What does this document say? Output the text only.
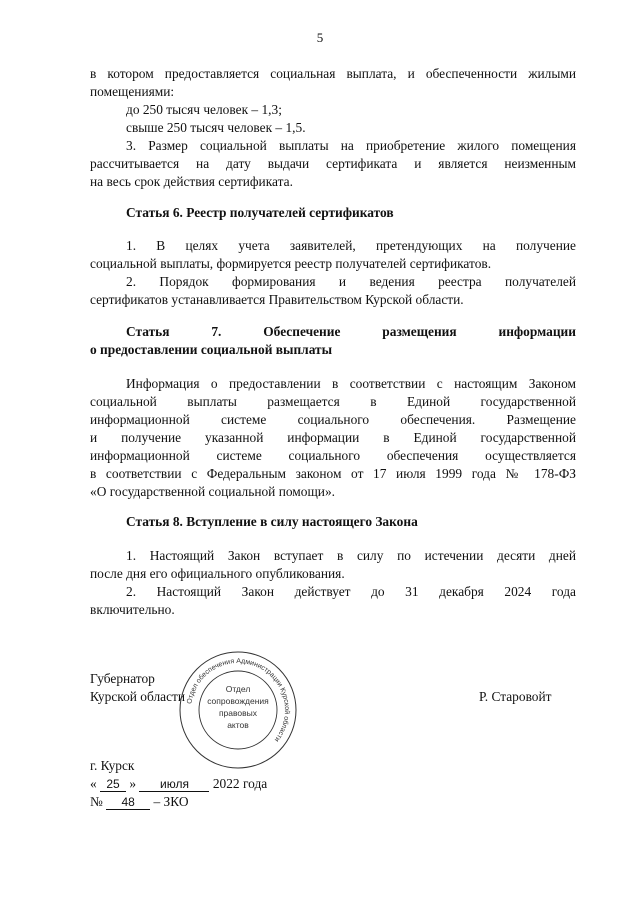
5
в котором предоставляется социальная выплата, и обеспеченности жилыми
помещениями:
до 250 тысяч человек – 1,3;
свыше 250 тысяч человек – 1,5.
3. Размер социальной выплаты на приобретение жилого помещения
рассчитывается на дату выдачи сертификата и является неизменным
на весь срок действия сертификата.
Статья 6. Реестр получателей сертификатов
1. В целях учета заявителей, претендующих на получение
социальной выплаты, формируется реестр получателей сертификатов.
2. Порядок формирования и ведения реестра получателей
сертификатов устанавливается Правительством Курской области.
Статья 7. Обеспечение размещения информации
о предоставлении социальной выплаты
Информация о предоставлении в соответствии с настоящим Законом
социальной выплаты размещается в Единой государственной
информационной системе социального обеспечения. Размещение
и получение указанной информации в Единой государственной
информационной системе социального обеспечения осуществляется
в соответствии с Федеральным законом от 17 июля 1999 года № 178-ФЗ
«О государственной социальной помощи».
Статья 8. Вступление в силу настоящего Закона
1. Настоящий Закон вступает в силу по истечении десяти дней
после дня его официального опубликования.
2. Настоящий Закон действует до 31 декабря 2024 года
включительно.
Губернатор
Курской области	Р. Старовойт
Отдел обеспечения Администрации Курской области
Отдел
сопровождения
правовых
актов
г. Курск
« 25 » июля 2022 года
№ 48 – ЗКО
